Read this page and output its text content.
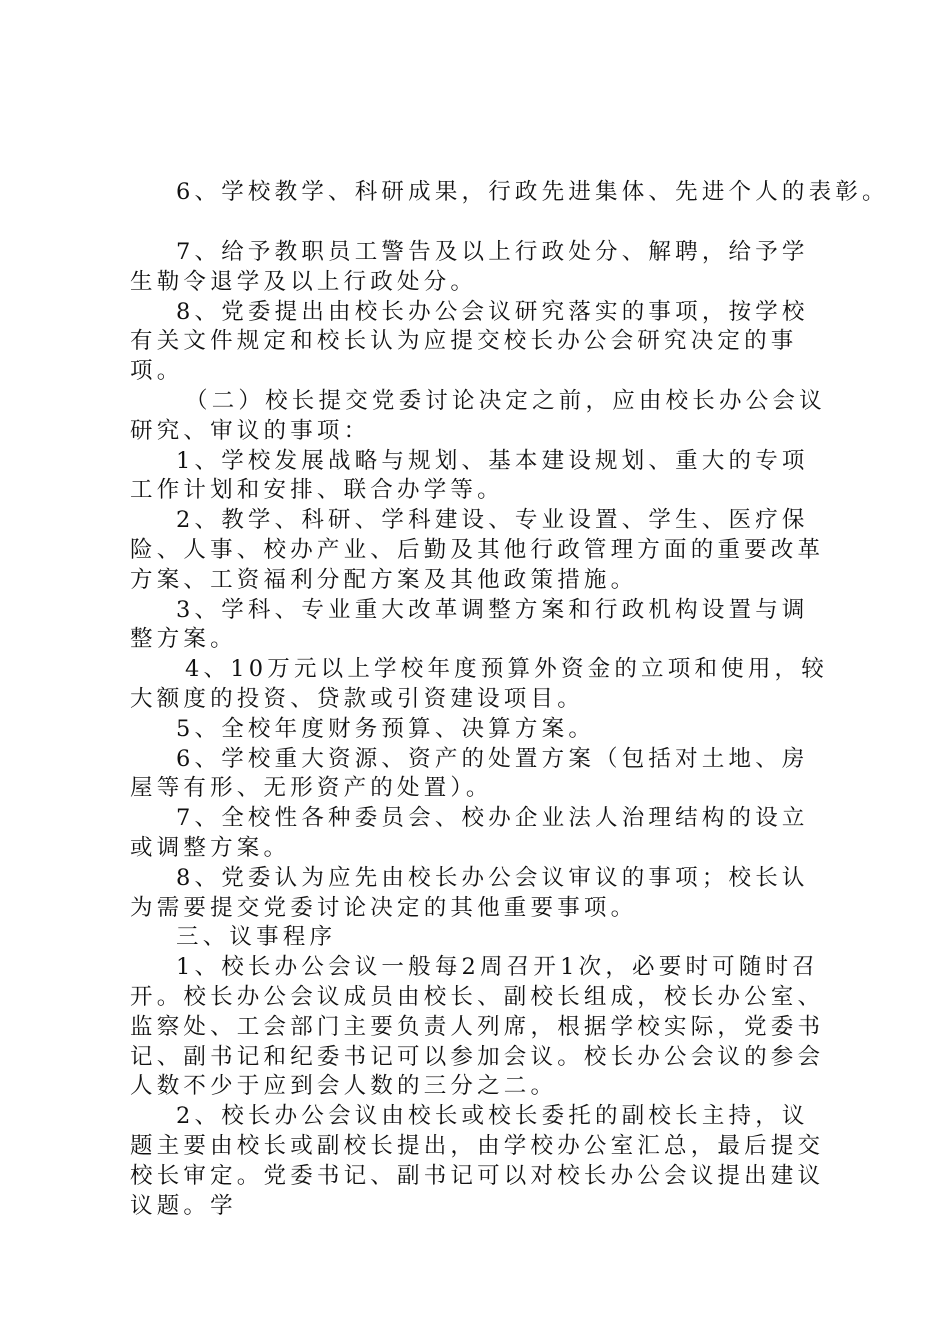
6、学校教学、科研成果，行政先进集体、先进个人的表彰。

7、给予教职员工警告及以上行政处分、解聘，给予学生勒令退学及以上行政处分。

8、党委提出由校长办公会议研究落实的事项，按学校有关文件规定和校长认为应提交校长办公会研究决定的事项。

（二）校长提交党委讨论决定之前，应由校长办公会议研究、审议的事项：

1、学校发展战略与规划、基本建设规划、重大的专项工作计划和安排、联合办学等。

2、教学、科研、学科建设、专业设置、学生、医疗保险、人事、校办产业、后勤及其他行政管理方面的重要改革方案、工资福利分配方案及其他政策措施。

3、学科、专业重大改革调整方案和行政机构设置与调整方案。

4、10万元以上学校年度预算外资金的立项和使用，较大额度的投资、贷款或引资建设项目。

5、全校年度财务预算、决算方案。

6、学校重大资源、资产的处置方案（包括对土地、房屋等有形、无形资产的处置）。

7、全校性各种委员会、校办企业法人治理结构的设立或调整方案。

8、党委认为应先由校长办公会议审议的事项；校长认为需要提交党委讨论决定的其他重要事项。

三、议事程序

1、校长办公会议一般每2周召开1次，必要时可随时召开。校长办公会议成员由校长、副校长组成，校长办公室、监察处、工会部门主要负责人列席，根据学校实际，党委书记、副书记和纪委书记可以参加会议。校长办公会议的参会人数不少于应到会人数的三分之二。

2、校长办公会议由校长或校长委托的副校长主持，议题主要由校长或副校长提出，由学校办公室汇总，最后提交校长审定。党委书记、副书记可以对校长办公会议提出建议议题。学
